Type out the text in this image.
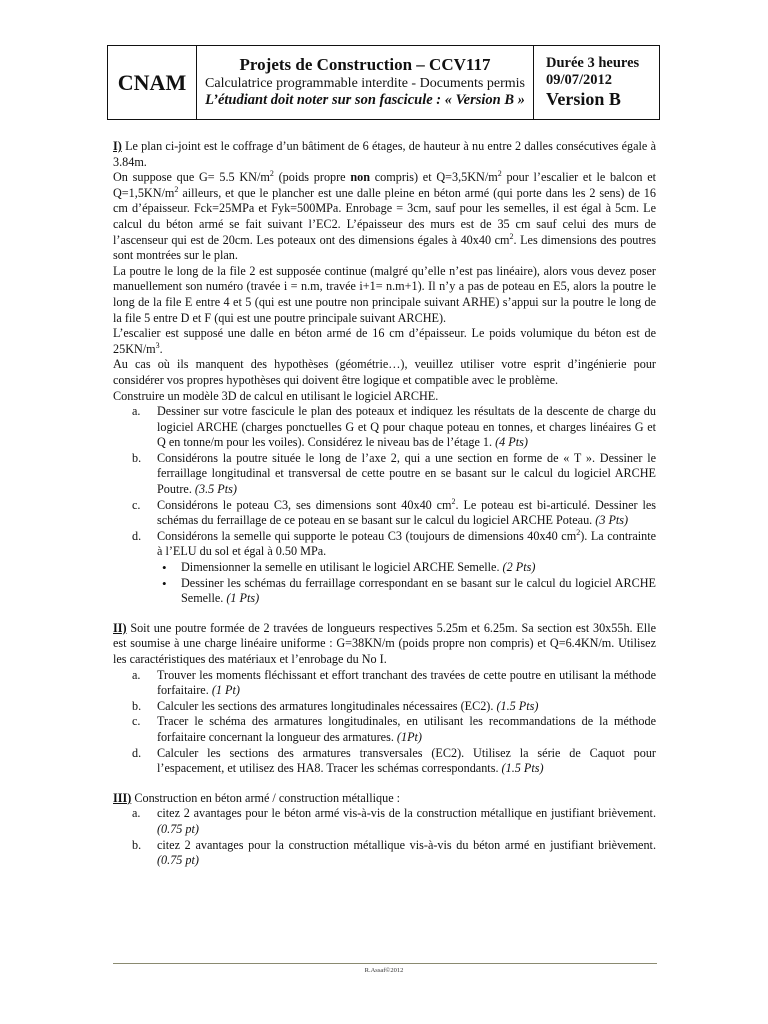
CNAM
Projets de Construction – CCV117
Calculatrice programmable interdite - Documents permis
L’étudiant doit noter sur son fascicule : « Version B »
Durée 3 heures
09/07/2012
Version B

I) Le plan ci-joint est le coffrage d’un bâtiment de 6 étages, de hauteur à nu entre 2 dalles consécutives égale à 3.84m.

On suppose que G= 5.5 $KN/m^2$ (poids propre non compris) et $Q=3,5KN/m^2$ pour l’escalier et le balcon et $Q=1,5KN/m^2$ ailleurs, et que le plancher est une dalle pleine en béton armé (qui porte dans les 2 sens) de 16 cm d’épaisseur. Fck=25MPa et Fyk=500MPa. Enrobage = 3cm, sauf pour les semelles, il est égal à 5cm. Le calcul du béton armé se fait suivant l’EC2. L’épaisseur des murs est de 35 cm sauf celui des murs de l’ascenseur qui est de 20cm. Les poteaux ont des dimensions égales à 40x40 $cm^2$. Les dimensions des poutres sont montrées sur le plan.

La poutre le long de la file 2 est supposée continue (malgré qu’elle n’est pas linéaire), alors vous devez poser manuellement son numéro (travée i = n.m, travée i+1= n.m+1). Il n’y a pas de poteau en E5, alors la poutre le long de la file E entre 4 et 5 (qui est une poutre non principale suivant ARHE) s’appui sur la poutre le long de la file 5 entre D et F (qui est une poutre principale suivant ARCHE).

L’escalier est supposé une dalle en béton armé de 16 cm d’épaisseur. Le poids volumique du béton est de $25KN/m^3$.

Au cas où ils manquent des hypothèses (géométrie…), veuillez utiliser votre esprit d’ingénierie pour considérer vos propres hypothèses qui doivent être logique et compatible avec le problème.

Construire un modèle 3D de calcul en utilisant le logiciel ARCHE.

a. Dessiner sur votre fascicule le plan des poteaux et indiquez les résultats de la descente de charge du logiciel ARCHE (charges ponctuelles G et Q pour chaque poteau en tonnes, et charges linéaires G et Q en tonne/m pour les voiles). Considérez le niveau bas de l’étage 1. (4 Pts)
b. Considérons la poutre située le long de l’axe 2, qui a une section en forme de « T ». Dessiner le ferraillage longitudinal et transversal de cette poutre en se basant sur le calcul du logiciel ARCHE Poutre. (3.5 Pts)
c. Considérons le poteau C3, ses dimensions sont 40x40 $cm^2$. Le poteau est bi-articulé. Dessiner les schémas du ferraillage de ce poteau en se basant sur le calcul du logiciel ARCHE Poteau. (3 Pts)
d. Considérons la semelle qui supporte le poteau C3 (toujours de dimensions 40x40 $cm^2$). La contrainte à l’ELU du sol et égal à 0.50 MPa.
• Dimensionner la semelle en utilisant le logiciel ARCHE Semelle. (2 Pts)
• Dessiner les schémas du ferraillage correspondant en se basant sur le calcul du logiciel ARCHE Semelle. (1 Pts)

II) Soit une poutre formée de 2 travées de longueurs respectives 5.25m et 6.25m. Sa section est 30x55h. Elle est soumise à une charge linéaire uniforme : G=38KN/m (poids propre non compris) et Q=6.4KN/m. Utilisez les caractéristiques des matériaux et l’enrobage du No I.

a. Trouver les moments fléchissant et effort tranchant des travées de cette poutre en utilisant la méthode forfaitaire. (1 Pt)
b. Calculer les sections des armatures longitudinales nécessaires (EC2). (1.5 Pts)
c. Tracer le schéma des armatures longitudinales, en utilisant les recommandations de la méthode forfaitaire concernant la longueur des armatures. (1Pt)
d. Calculer les sections des armatures transversales (EC2). Utilisez la série de Caquot pour l’espacement, et utilisez des HA8. Tracer les schémas correspondants. (1.5 Pts)

III) Construction en béton armé / construction métallique :

a. citez 2 avantages pour le béton armé vis-à-vis de la construction métallique en justifiant brièvement. (0.75 pt)
b. citez 2 avantages pour la construction métallique vis-à-vis du béton armé en justifiant brièvement. (0.75 pt)
R.Assaf©2012
